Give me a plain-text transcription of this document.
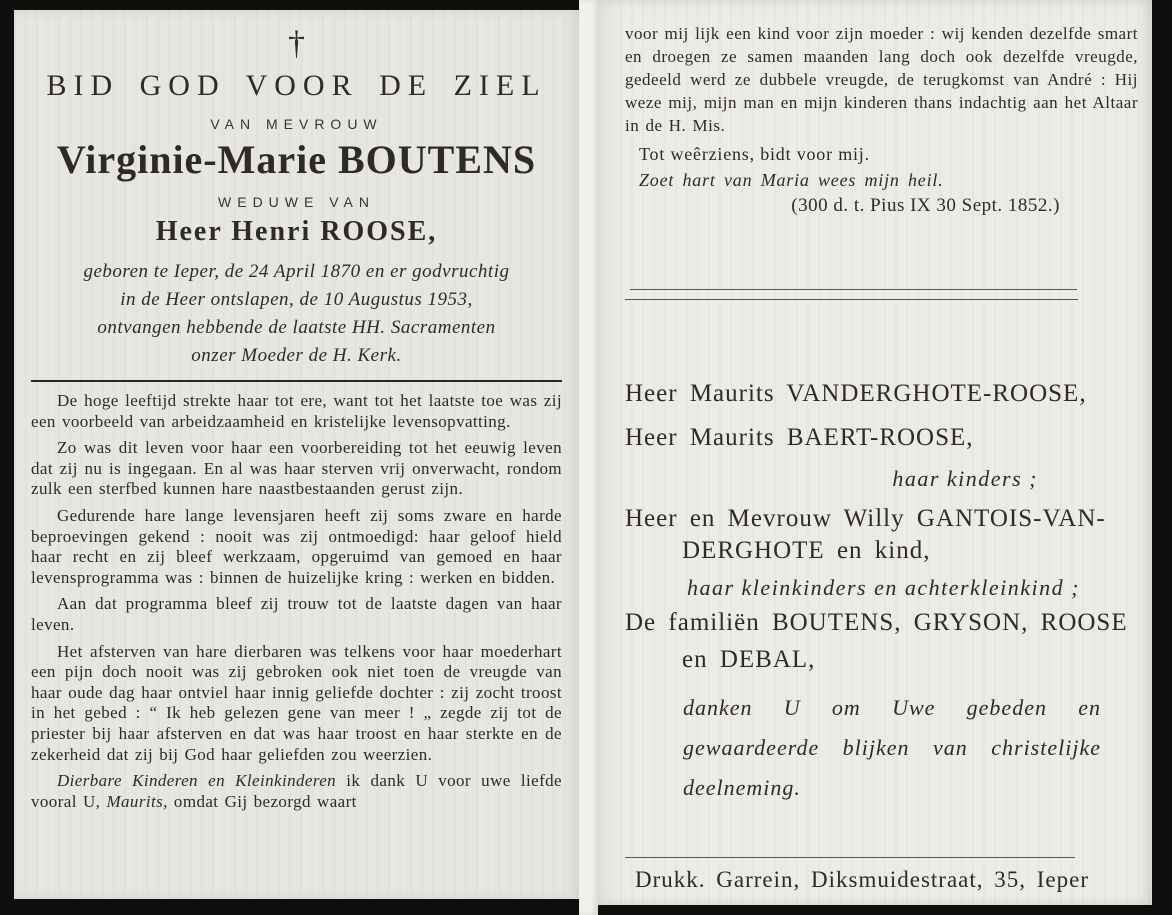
†
BID GOD VOOR DE ZIEL
VAN MEVROUW
Virginie-Marie BOUTENS
WEDUWE VAN
Heer Henri ROOSE,
geboren te Ieper, de 24 April 1870 en er godvruchtig
in de Heer ontslapen, de 10 Augustus 1953,
ontvangen hebbende de laatste HH. Sacramenten
onzer Moeder de H. Kerk.

De hoge leeftijd strekte haar tot ere, want tot het laatste toe was zij een voorbeeld van arbeidzaamheid en kristelijke levensopvatting.

Zo was dit leven voor haar een voorbereiding tot het eeuwig leven dat zij nu is ingegaan. En al was haar sterven vrij onverwacht, rondom zulk een sterfbed kunnen hare naastbestaanden gerust zijn.

Gedurende hare lange levensjaren heeft zij soms zware en harde beproevingen gekend : nooit was zij ontmoedigd: haar geloof hield haar recht en zij bleef werkzaam, opgeruimd van gemoed en haar levensprogramma was : binnen de huizelijke kring : werken en bidden.

Aan dat programma bleef zij trouw tot de laatste dagen van haar leven.

Het afsterven van hare dierbaren was telkens voor haar moederhart een pijn doch nooit was zij gebroken ook niet toen de vreugde van haar oude dag haar ontviel haar innig geliefde dochter : zij zocht troost in het gebed : “ Ik heb gelezen gene van meer ! „ zegde zij tot de priester bij haar afsterven en dat was haar troost en haar sterkte en de zekerheid dat zij bij God haar geliefden zou weerzien.

Dierbare Kinderen en Kleinkinderen ik dank U voor uwe liefde vooral U, Maurits, omdat Gij bezorgd waart

voor mij lijk een kind voor zijn moeder : wij kenden dezelfde smart en droegen ze samen maanden lang doch ook dezelfde vreugde, gedeeld werd ze dubbele vreugde, de terugkomst van André : Hij weze mij, mijn man en mijn kinderen thans indachtig aan het Altaar in de H. Mis.

Tot weêrziens, bidt voor mij.
Zoet hart van Maria wees mijn heil.
(300 d. t. Pius IX 30 Sept. 1852.)
Heer Maurits VANDERGHOTE-ROOSE,
Heer Maurits BAERT-ROOSE,
haar kinders ;
Heer en Mevrouw Willy GANTOIS-VAN-
DERGHOTE en kind,
haar kleinkinders en achterkleinkind ;
De familiën BOUTENS, GRYSON, ROOSE
en DEBAL,
danken U om Uwe gebeden en gewaardeerde blijken van christelijke deelneming.
Drukk. Garrein, Diksmuidestraat, 35, Ieper
